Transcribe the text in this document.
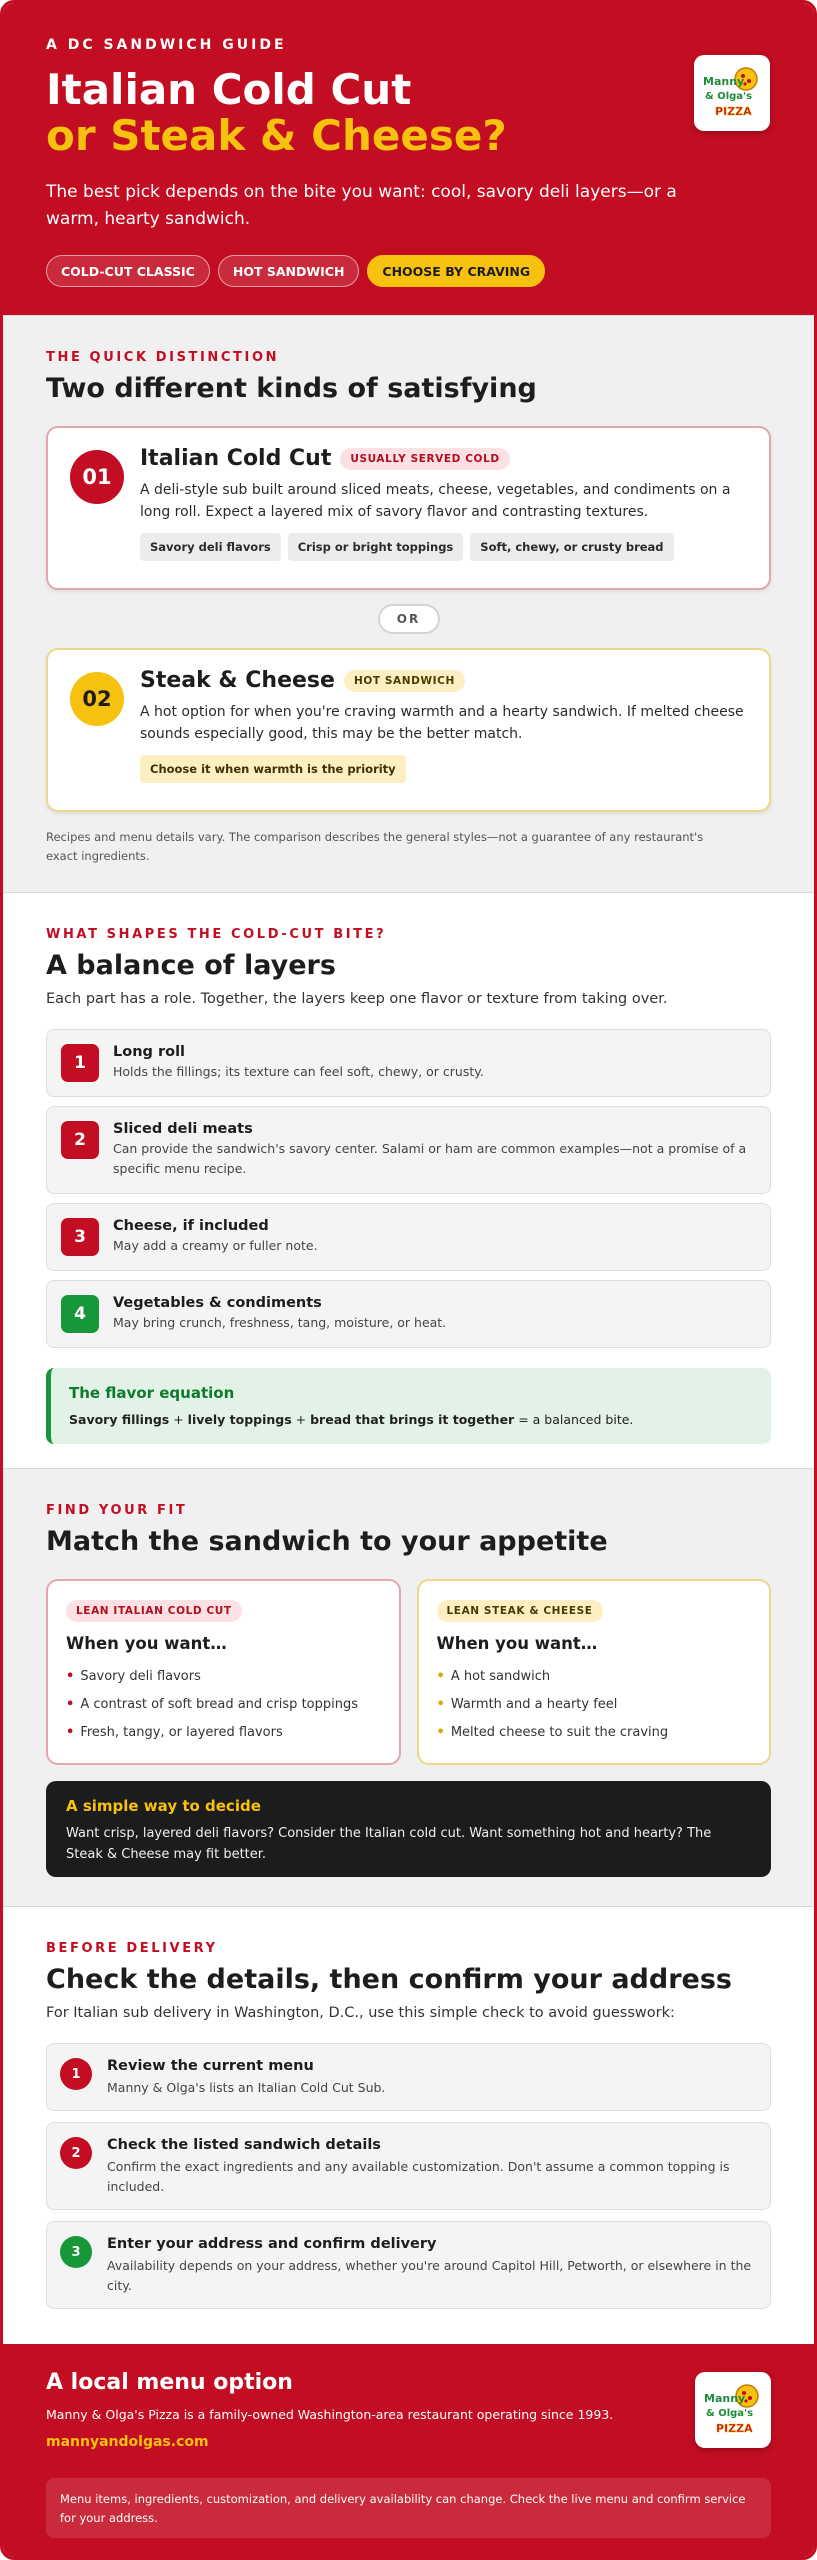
A DC SANDWICH GUIDE
Italian Cold Cut
or Steak & Cheese?

The best pick depends on the bite you want: cool, savory deli layers—or a warm, hearty sandwich.

COLD-CUT CLASSIC	HOT SANDWICH	CHOOSE BY CRAVING
Manny
& Olga's
PIZZA
THE QUICK DISTINCTION
Two different kinds of satisfying
01
Italian Cold Cut	USUALLY SERVED COLD

A deli-style sub built around sliced meats, cheese, vegetables, and condiments on a long roll. Expect a layered mix of savory flavor and contrasting textures.

Savory deli flavors	Crisp or bright toppings	Soft, chewy, or crusty bread
OR
02
Steak & Cheese	HOT SANDWICH

A hot option for when you're craving warmth and a hearty sandwich. If melted cheese sounds especially good, this may be the better match.

Choose it when warmth is the priority

Recipes and menu details vary. The comparison describes the general styles—not a guarantee of any restaurant's exact ingredients.

WHAT SHAPES THE COLD-CUT BITE?
A balance of layers

Each part has a role. Together, the layers keep one flavor or texture from taking over.

1
Long roll
Holds the fillings; its texture can feel soft, chewy, or crusty.
2
Sliced deli meats
Can provide the sandwich's savory center. Salami or ham are common examples—not a promise of a specific menu recipe.
3
Cheese, if included
May add a creamy or fuller note.
4
Vegetables & condiments
May bring crunch, freshness, tang, moisture, or heat.
The flavor equation
Savory fillings + lively toppings + bread that brings it together = a balanced bite.
FIND YOUR FIT
Match the sandwich to your appetite
LEAN ITALIAN COLD CUT
When you want…
• Savory deli flavors
• A contrast of soft bread and crisp toppings
• Fresh, tangy, or layered flavors
LEAN STEAK & CHEESE
When you want…
• A hot sandwich
• Warmth and a hearty feel
• Melted cheese to suit the craving
A simple way to decide
Want crisp, layered deli flavors? Consider the Italian cold cut. Want something hot and hearty? The Steak & Cheese may fit better.
BEFORE DELIVERY
Check the details, then confirm your address

For Italian sub delivery in Washington, D.C., use this simple check to avoid guesswork:

1	Review the current menu
Manny & Olga's lists an Italian Cold Cut Sub.
2	Check the listed sandwich details
Confirm the exact ingredients and any available customization. Don't assume a common topping is included.
3	Enter your address and confirm delivery
Availability depends on your address, whether you're around Capitol Hill, Petworth, or elsewhere in the city.
A local menu option
Manny & Olga's Pizza is a family-owned Washington-area restaurant operating since 1993.
mannyandolgas.com
Manny
& Olga's
PIZZA
Menu items, ingredients, customization, and delivery availability can change. Check the live menu and confirm service for your address.
